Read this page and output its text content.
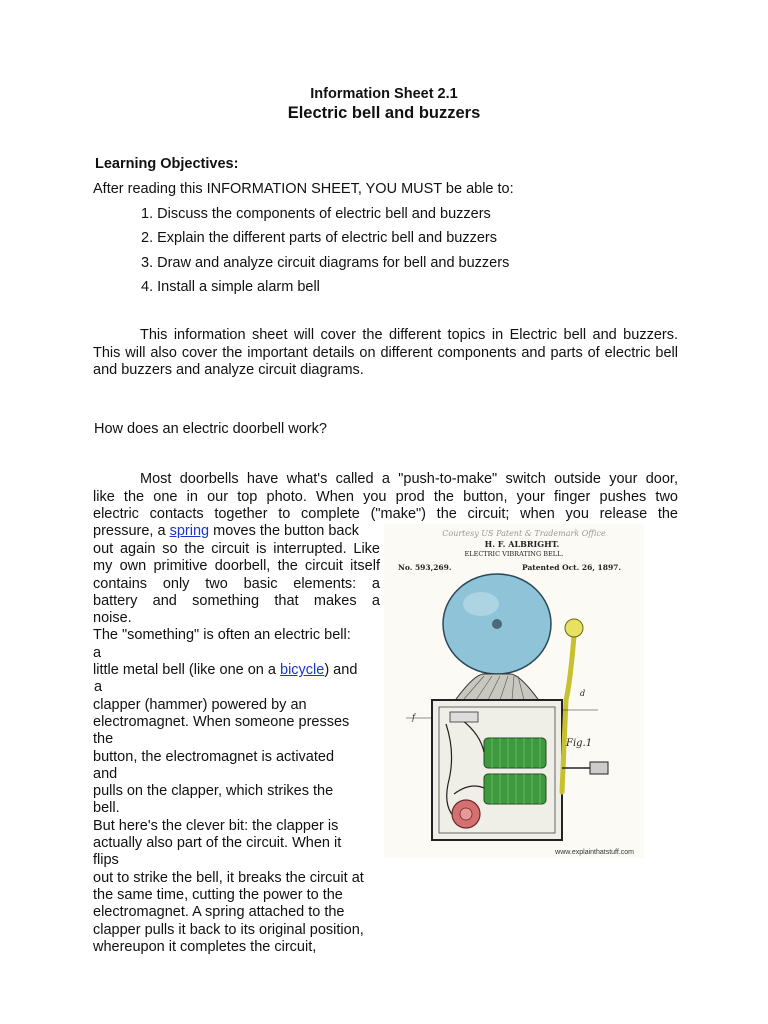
Information Sheet 2.1
Electric bell and buzzers
Learning Objectives:
After reading this INFORMATION SHEET, YOU MUST be able to:
1. Discuss the components of electric bell and buzzers
2. Explain the different parts of electric bell and buzzers
3. Draw and analyze circuit diagrams for bell and buzzers
4. Install a simple alarm bell

This information sheet will cover the different topics in Electric bell and buzzers. This will also cover the important details on different components and parts of electric bell and buzzers and analyze circuit diagrams.

How does an electric doorbell work?
Most doorbells have what's called a "push-to-make" switch outside your door,
like the one in our top photo. When you prod the button, your finger pushes two
electric contacts together to complete ("make") the circuit; when you release the
pressure, a spring moves the button back
out again so the circuit is interrupted. Like
my own primitive doorbell, the circuit itself
contains only two basic elements: a
battery and something that makes a
noise.
The "something" is often an electric bell:
a
little metal bell (like one on a bicycle) and
a
clapper (hammer) powered by an
electromagnet. When someone presses
the
button, the electromagnet is activated
and
pulls on the clapper, which strikes the
bell.
But here's the clever bit: the clapper is
actually also part of the circuit. When it
flips
out to strike the bell, it breaks the circuit at
the same time, cutting the power to the
electromagnet. A spring attached to the
clapper pulls it back to its original position,
whereupon it completes the circuit,
Courtesy US Patent & Trademark Office
H. F. ALBRIGHT.
ELECTRIC VIBRATING BELL.
No. 593,269.	Patented Oct. 26, 1897.
Fig.1
d
f
www.explainthatstuff.com
